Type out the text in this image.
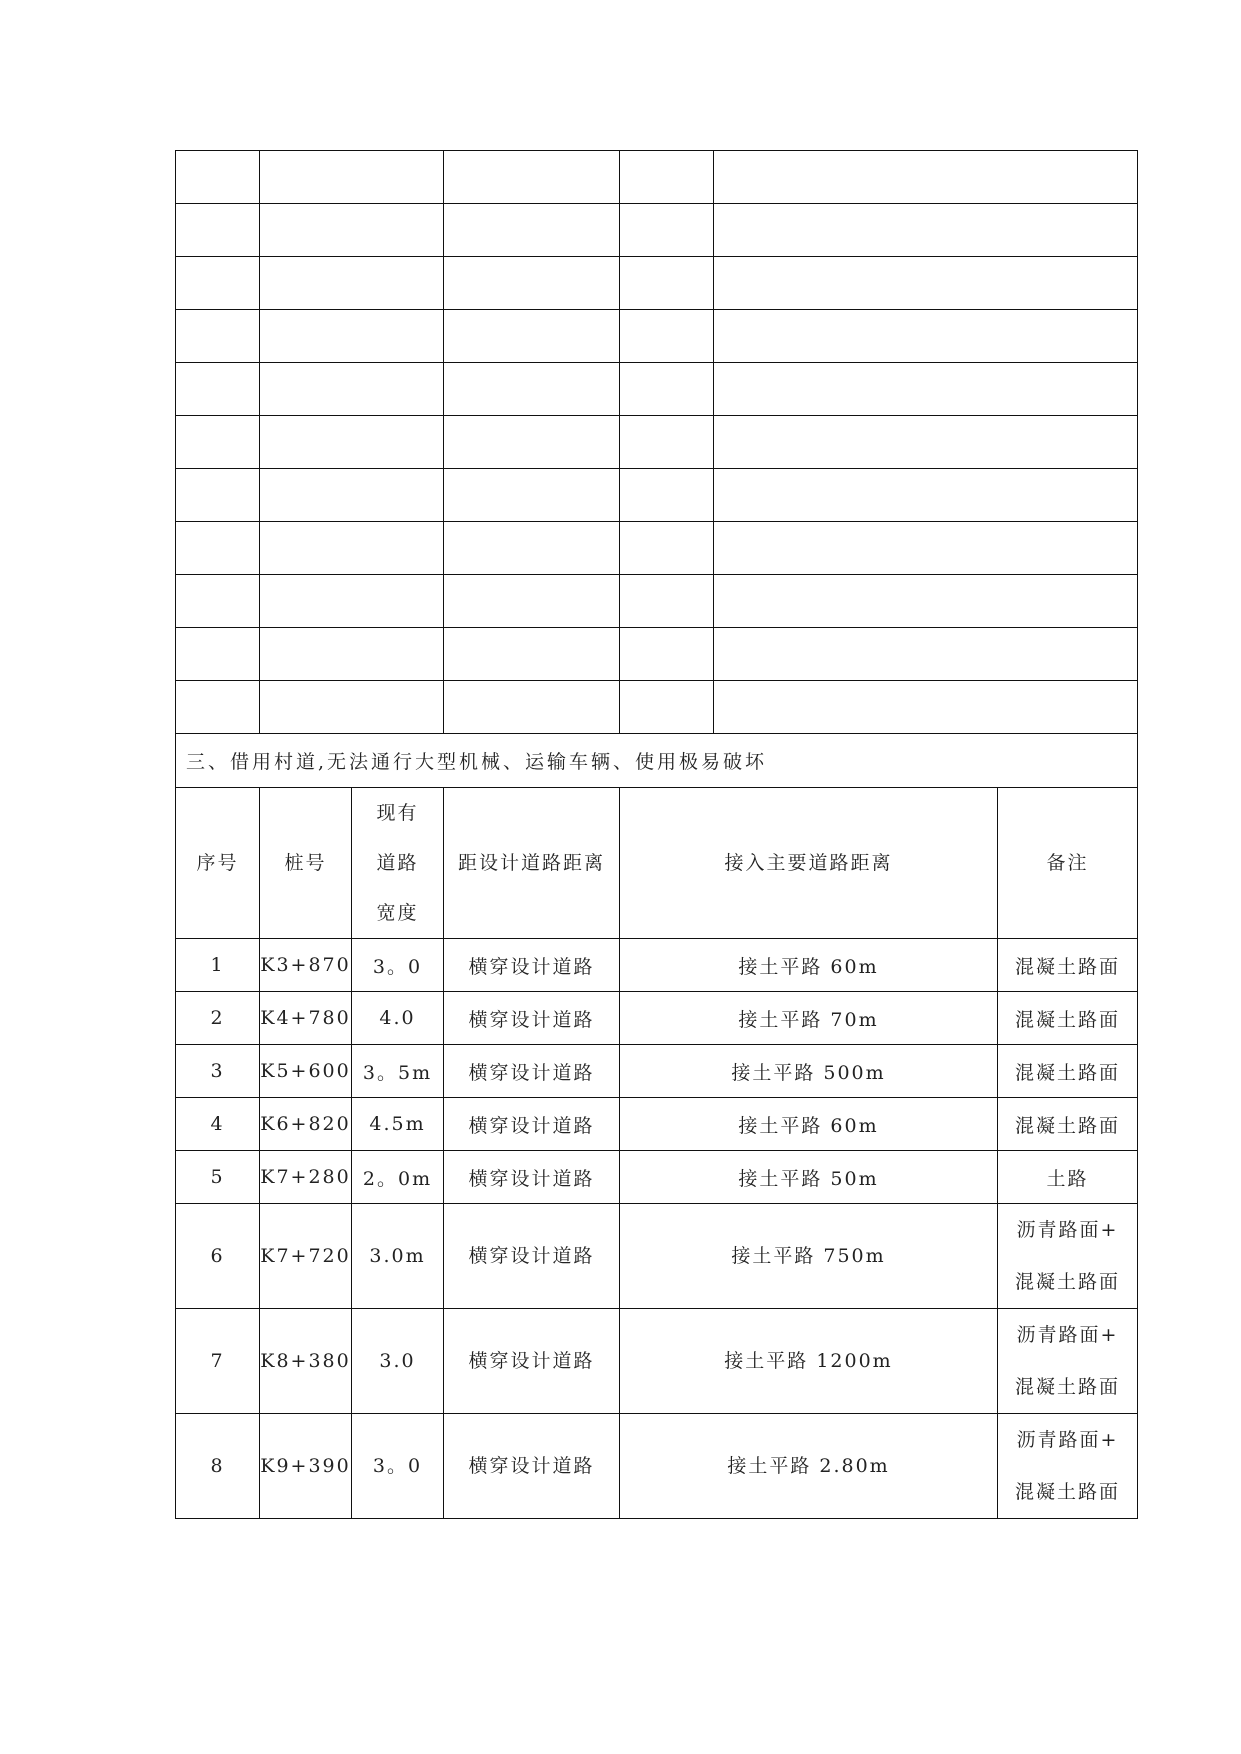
三、借用村道,无法通行大型机械、运输车辆、使用极易破坏						
序号	桩号	现有道路宽度	距设计道路距离	接入主要道路距离		备注
1	K3+870	3。0	横穿设计道路	接土平路 60m		混凝土路面
2	K4+780	4.0	横穿设计道路	接土平路 70m		混凝土路面
3	K5+600	3。5m	横穿设计道路	接土平路 500m		混凝土路面
4	K6+820	4.5m	横穿设计道路	接土平路 60m		混凝土路面
5	K7+280	2。0m	横穿设计道路	接土平路 50m		土路
6	K7+720	3.0m	横穿设计道路	接土平路 750m		沥青路面+
混凝土路面
7	K8+380	3.0	横穿设计道路	接土平路 1200m		沥青路面+
混凝土路面
8	K9+390	3。0	横穿设计道路	接土平路 2.80m		沥青路面+
混凝土路面
